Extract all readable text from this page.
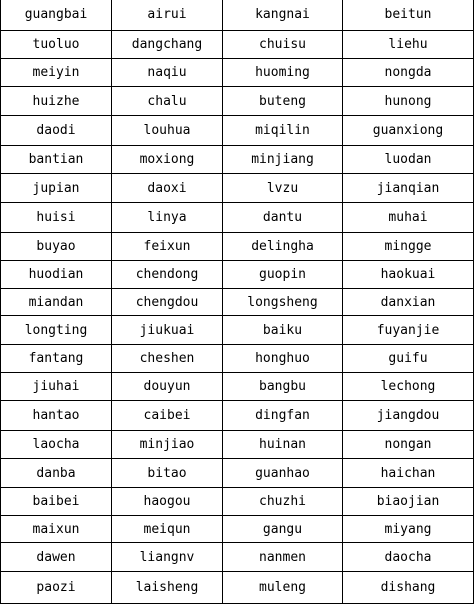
guangbai	airui	kangnai	beitun
tuoluo	dangchang	chuisu	liehu
meiyin	naqiu	huoming	nongda
huizhe	chalu	buteng	hunong
daodi	louhua	miqilin	guanxiong
bantian	moxiong	minjiang	luodan
jupian	daoxi	lvzu	jianqian
huisi	linya	dantu	muhai
buyao	feixun	delingha	mingge
huodian	chendong	guopin	haokuai
miandan	chengdou	longsheng	danxian
longting	jiukuai	baiku	fuyanjie
fantang	cheshen	honghuo	guifu
jiuhai	douyun	bangbu	lechong
hantao	caibei	dingfan	jiangdou
laocha	minjiao	huinan	nongan
danba	bitao	guanhao	haichan
baibei	haogou	chuzhi	biaojian
maixun	meiqun	gangu	miyang
dawen	liangnv	nanmen	daocha
paozi	laisheng	muleng	dishang
